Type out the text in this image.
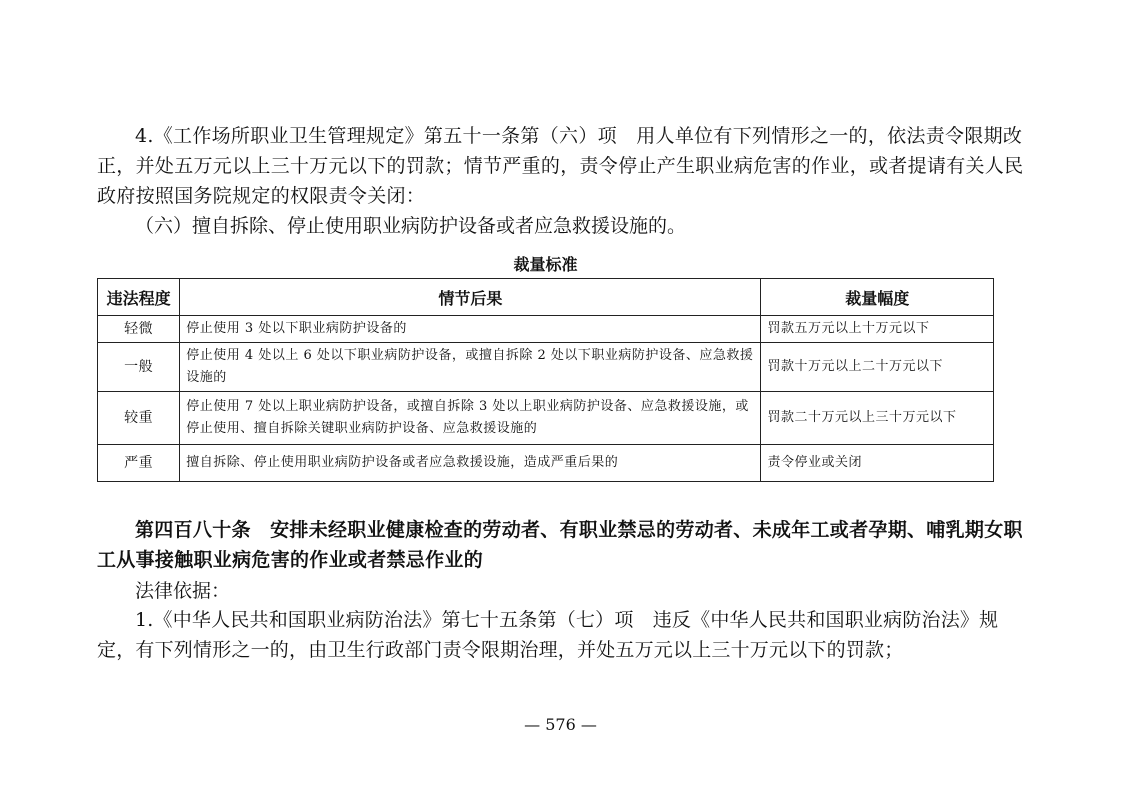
4.《工作场所职业卫生管理规定》第五十一条第（六）项　用人单位有下列情形之一的，依法责令限期改正，并处五万元以上三十万元以下的罚款；情节严重的，责令停止产生职业病危害的作业，或者提请有关人民政府按照国务院规定的权限责令关闭：

（六）擅自拆除、停止使用职业病防护设备或者应急救援设施的。

裁量标准
违法程度	情节后果	裁量幅度
轻微	停止使用 3 处以下职业病防护设备的	罚款五万元以上十万元以下
一般	停止使用 4 处以上 6 处以下职业病防护设备，或擅自拆除 2 处以下职业病防护设备、应急救援设施的	罚款十万元以上二十万元以下
较重	停止使用 7 处以上职业病防护设备，或擅自拆除 3 处以上职业病防护设备、应急救援设施，或停止使用、擅自拆除关键职业病防护设备、应急救援设施的	罚款二十万元以上三十万元以下
严重	擅自拆除、停止使用职业病防护设备或者应急救援设施，造成严重后果的	责令停业或关闭

第四百八十条　安排未经职业健康检查的劳动者、有职业禁忌的劳动者、未成年工或者孕期、哺乳期女职工从事接触职业病危害的作业或者禁忌作业的

法律依据：

1.《中华人民共和国职业病防治法》第七十五条第（七）项　违反《中华人民共和国职业病防治法》规定，有下列情形之一的，由卫生行政部门责令限期治理，并处五万元以上三十万元以下的罚款；

— 576 —
